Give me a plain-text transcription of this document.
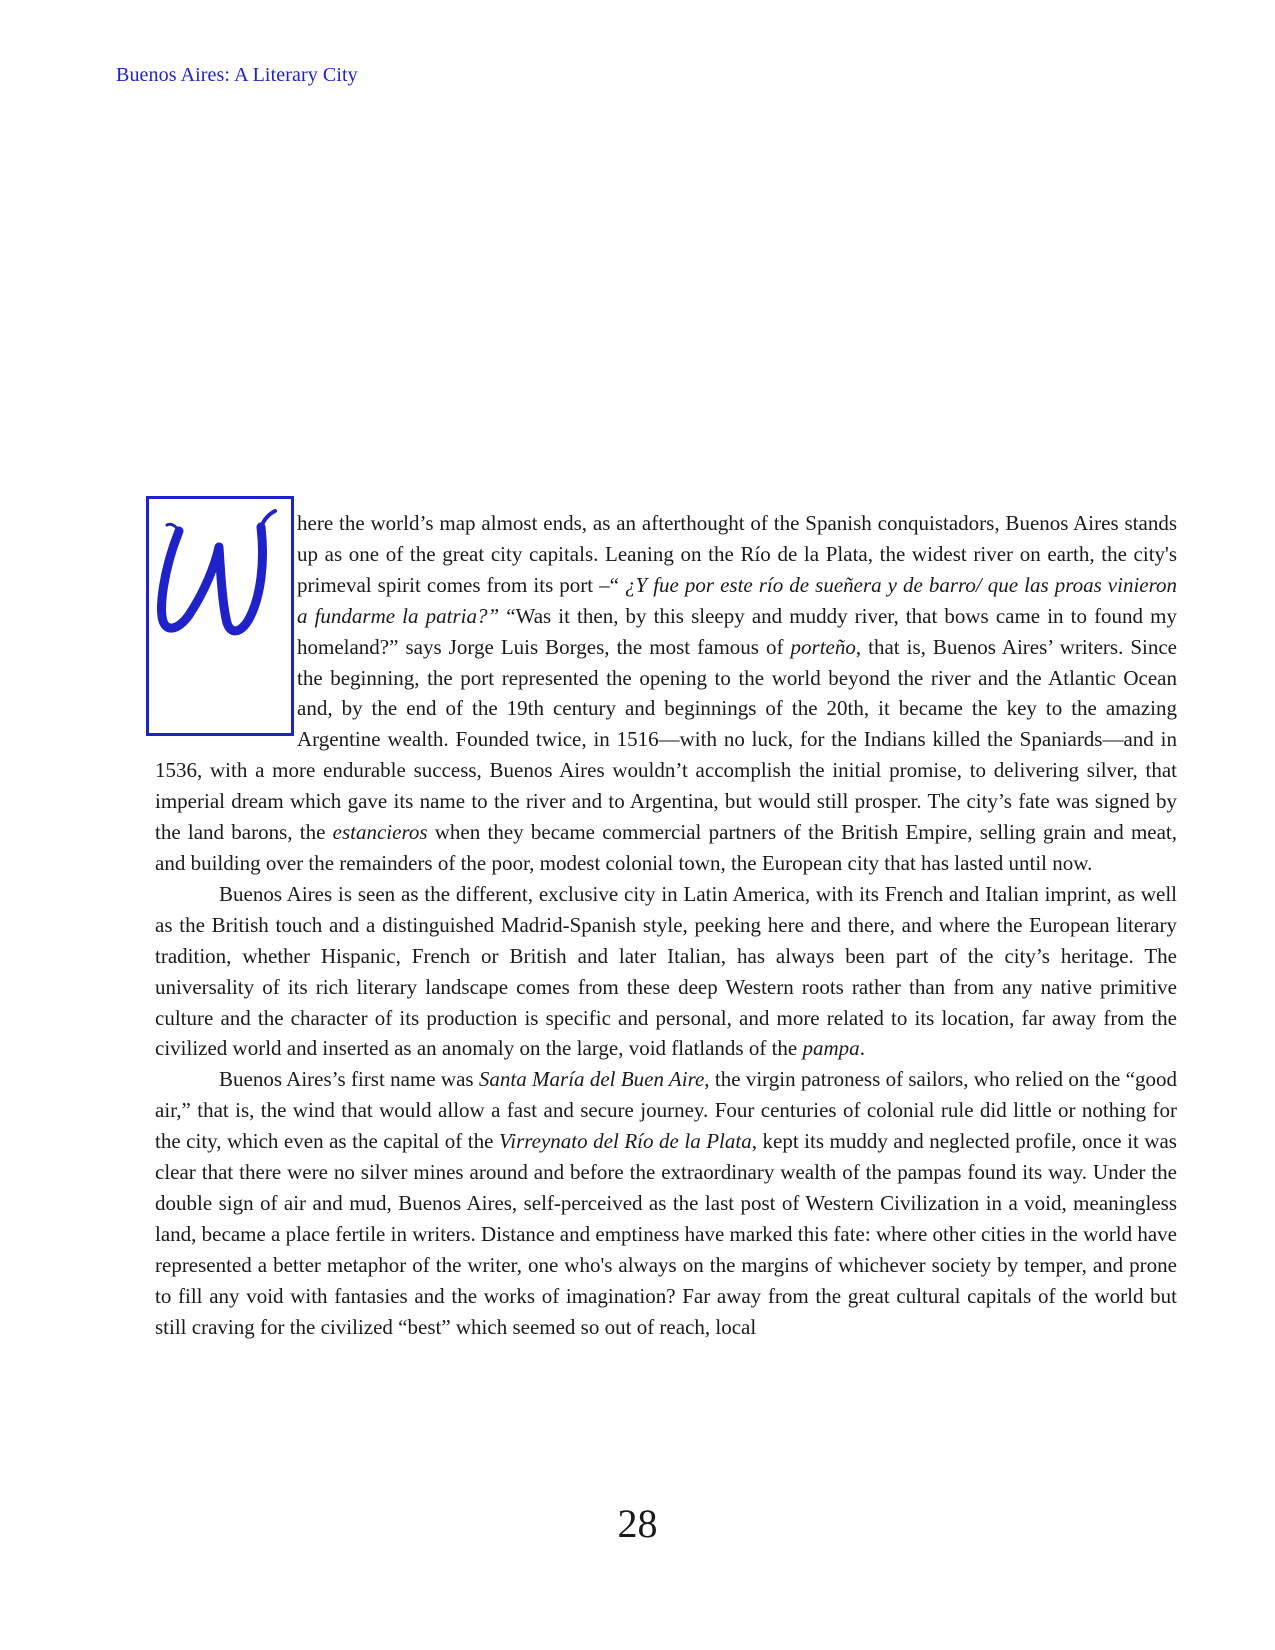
Buenos Aires: A Literary City

here the world’s map almost ends, as an afterthought of the Spanish conquistadors, Buenos Aires stands up as one of the great city capitals. Leaning on the Río de la Plata, the widest river on earth, the city's primeval spirit comes from its port –“ ¿Y fue por este río de sueñera y de barro/ que las proas vinieron a fundarme la patria?” “Was it then, by this sleepy and muddy river, that bows came in to found my homeland?” says Jorge Luis Borges, the most famous of porteño, that is, Buenos Aires’ writers. Since the beginning, the port represented the opening to the world beyond the river and the Atlantic Ocean and, by the end of the 19th century and beginnings of the 20th, it became the key to the amazing Argentine wealth. Founded twice, in 1516—with no luck, for the Indians killed the Spaniards—and in 1536, with a more endurable success, Buenos Aires wouldn’t accomplish the initial promise, to delivering silver, that imperial dream which gave its name to the river and to Argentina, but would still prosper. The city’s fate was signed by the land barons, the estancieros when they became commercial partners of the British Empire, selling grain and meat, and building over the remainders of the poor, modest colonial town, the European city that has lasted until now.

Buenos Aires is seen as the different, exclusive city in Latin America, with its French and Italian imprint, as well as the British touch and a distinguished Madrid-Spanish style, peeking here and there, and where the European literary tradition, whether Hispanic, French or British and later Italian, has always been part of the city’s heritage. The universality of its rich literary landscape comes from these deep Western roots rather than from any native primitive culture and the character of its production is specific and personal, and more related to its location, far away from the civilized world and inserted as an anomaly on the large, void flatlands of the pampa.

Buenos Aires’s first name was Santa María del Buen Aire, the virgin patroness of sailors, who relied on the “good air,” that is, the wind that would allow a fast and secure journey. Four centuries of colonial rule did little or nothing for the city, which even as the capital of the Virreynato del Río de la Plata, kept its muddy and neglected profile, once it was clear that there were no silver mines around and before the extraordinary wealth of the pampas found its way. Under the double sign of air and mud, Buenos Aires, self-perceived as the last post of Western Civilization in a void, meaningless land, became a place fertile in writers. Distance and emptiness have marked this fate: where other cities in the world have represented a better metaphor of the writer, one who's always on the margins of whichever society by temper, and prone to fill any void with fantasies and the works of imagination? Far away from the great cultural capitals of the world but still craving for the civilized “best” which seemed so out of reach, local

28
